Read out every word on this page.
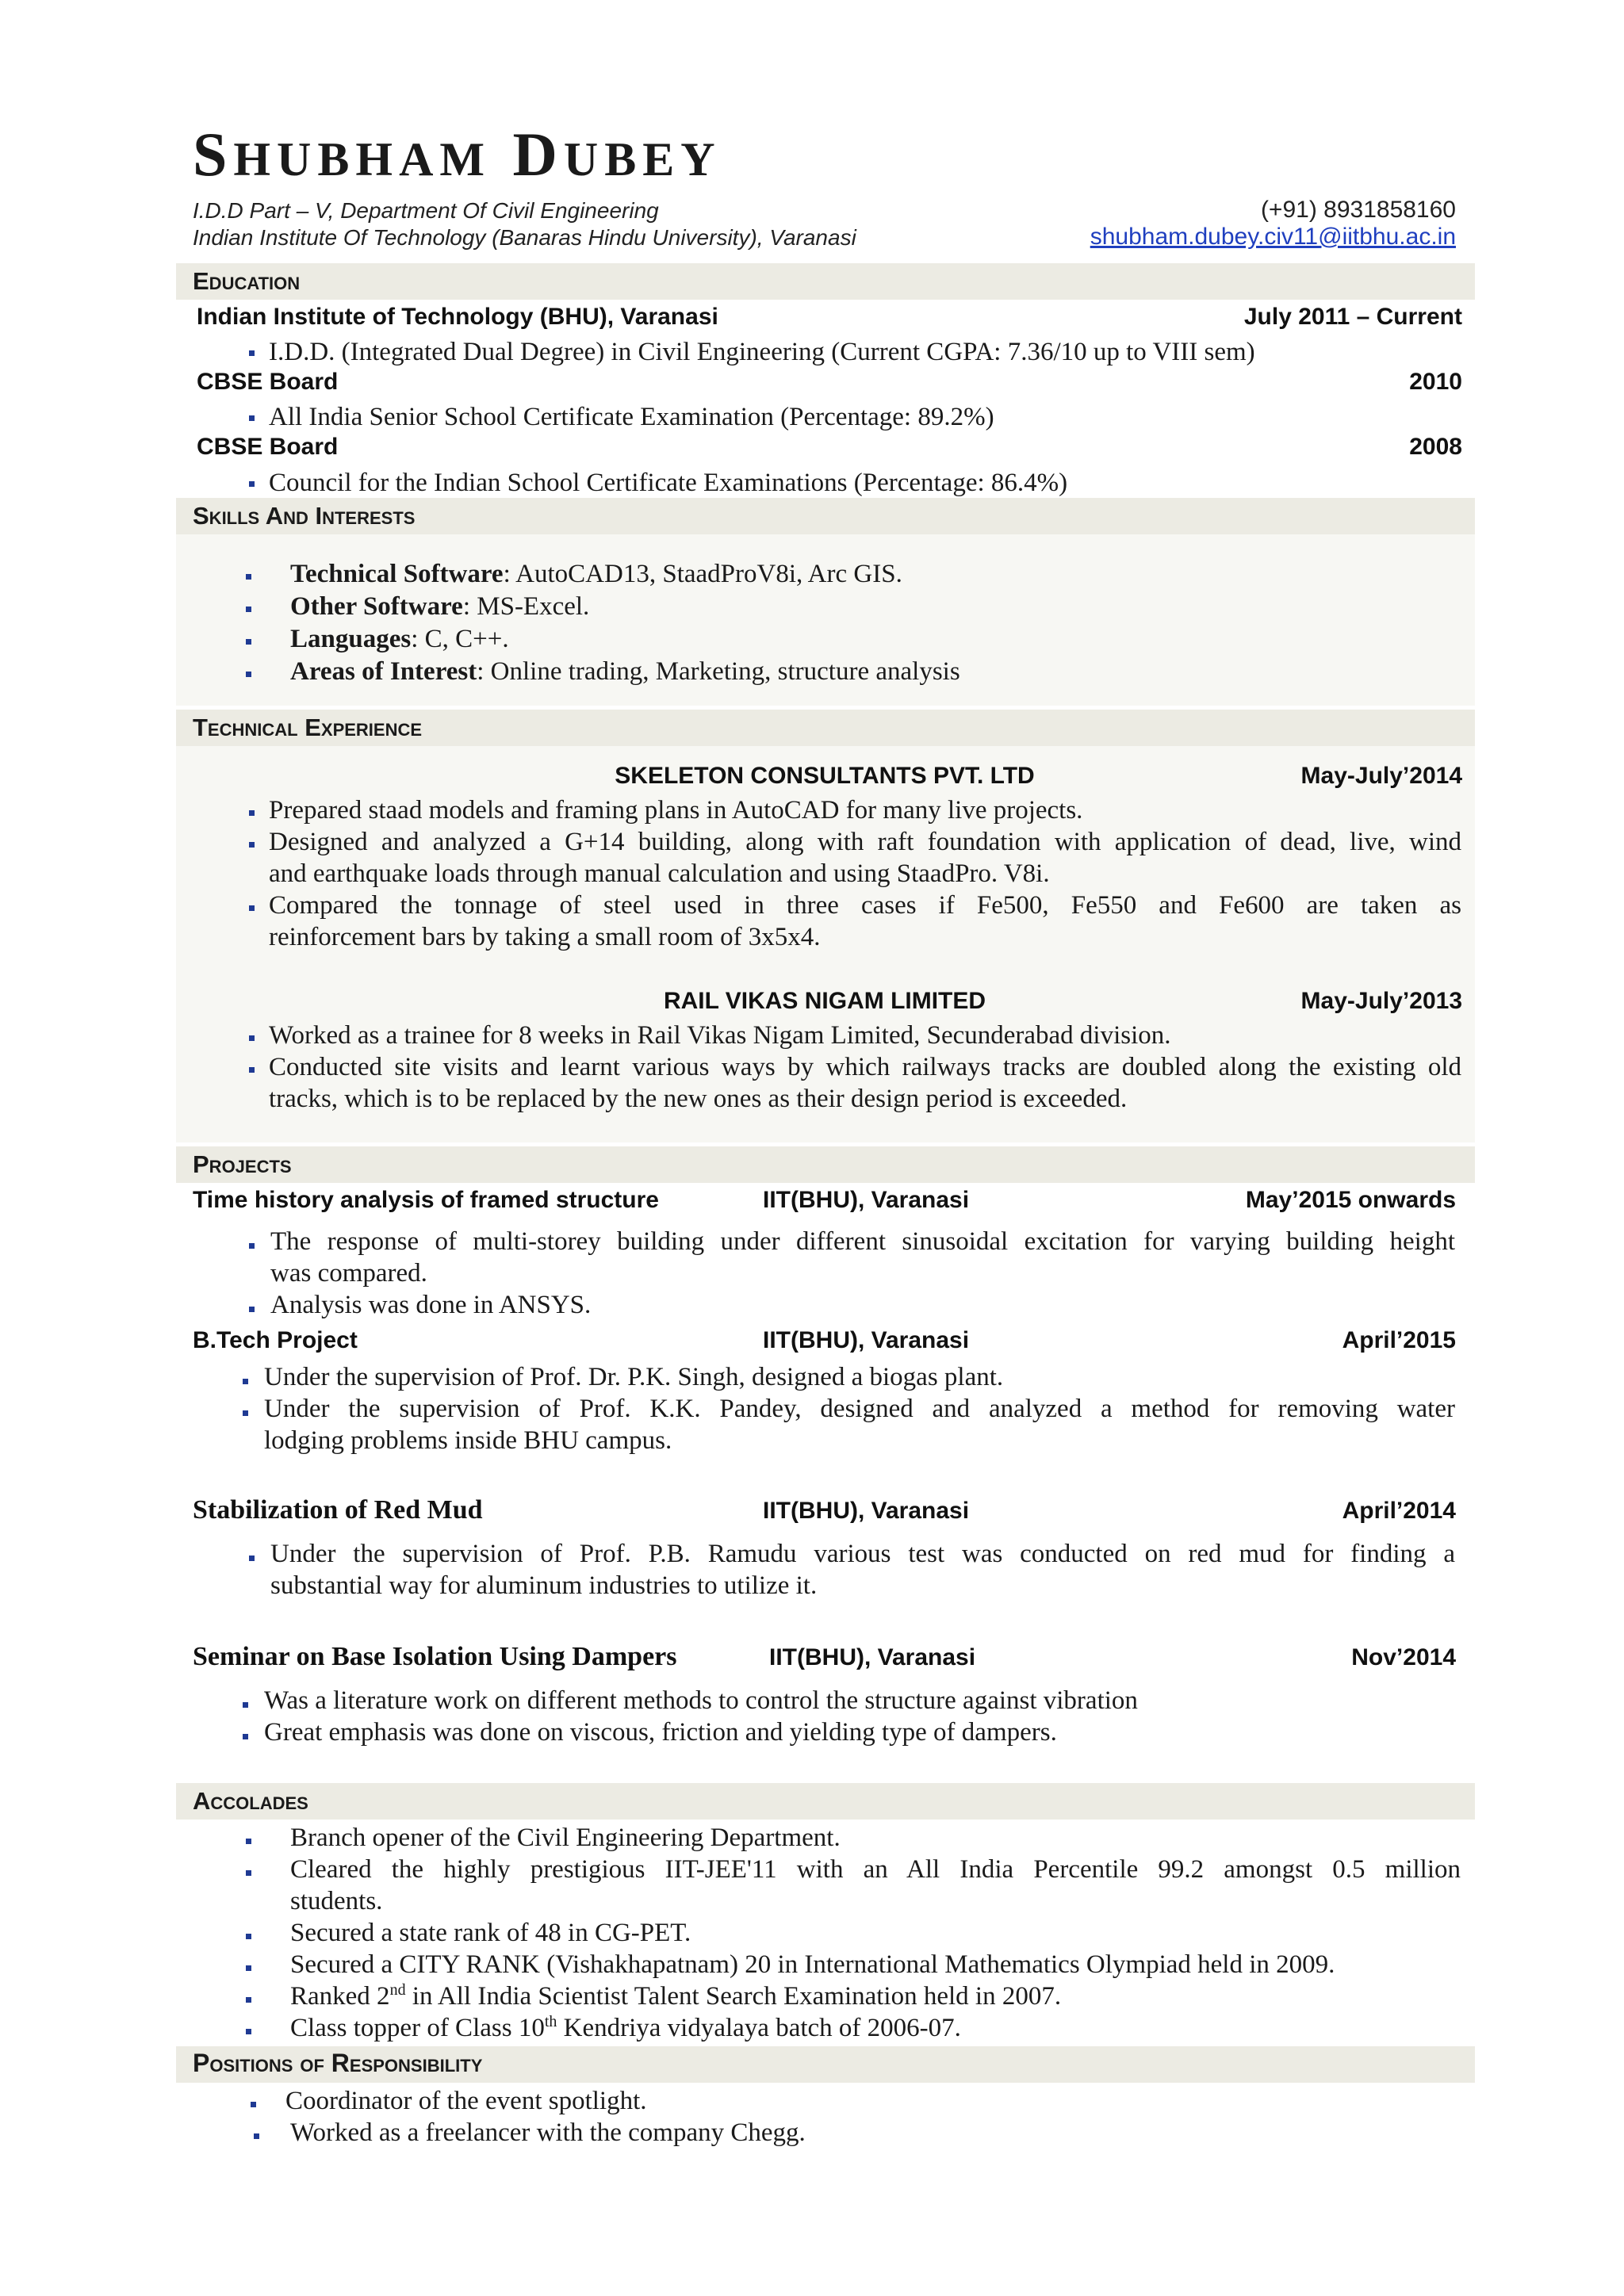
SHUBHAM DUBEY
I.D.D Part – V, Department Of Civil Engineering
Indian Institute Of Technology (Banaras Hindu University), Varanasi
(+91) 8931858160
shubham.dubey.civ11@iitbhu.ac.in
Education
Indian Institute of Technology (BHU), Varanasi	July 2011 – Current
I.D.D. (Integrated Dual Degree) in Civil Engineering (Current CGPA: 7.36/10 up to VIII sem)
CBSE Board	2010
All India Senior School Certificate Examination (Percentage: 89.2%)
CBSE Board	2008
Council for the Indian School Certificate Examinations (Percentage: 86.4%)
Skills And Interests
Technical Software: AutoCAD13, StaadProV8i, Arc GIS.
Other Software: MS-Excel.
Languages: C, C++.
Areas of Interest: Online trading, Marketing, structure analysis
Technical Experience
SKELETON CONSULTANTS PVT. LTD	May-July’2014
Prepared staad models and framing plans in AutoCAD for many live projects.
Designed and analyzed a G+14 building, along with raft foundation with application of dead, live, wind
and earthquake loads through manual calculation and using StaadPro. V8i.
Compared the tonnage of steel used in three cases if Fe500, Fe550 and Fe600 are taken as
reinforcement bars by taking a small room of 3x5x4.
RAIL VIKAS NIGAM LIMITED	May-July’2013
Worked as a trainee for 8 weeks in Rail Vikas Nigam Limited, Secunderabad division.
Conducted site visits and learnt various ways by which railways tracks are doubled along the existing old
tracks, which is to be replaced by the new ones as their design period is exceeded.
Projects
Time history analysis of framed structure	IIT(BHU), Varanasi	May’2015 onwards
The response of multi-storey building under different sinusoidal excitation for varying building height
was compared.
Analysis was done in ANSYS.
B.Tech Project	IIT(BHU), Varanasi	April’2015
Under the supervision of Prof. Dr. P.K. Singh, designed a biogas plant.
Under the supervision of Prof. K.K. Pandey, designed and analyzed a method for removing water
lodging problems inside BHU campus.
Stabilization of Red Mud	IIT(BHU), Varanasi	April’2014
Under the supervision of Prof. P.B. Ramudu various test was conducted on red mud for finding a
substantial way for aluminum industries to utilize it.
Seminar on Base Isolation Using Dampers	IIT(BHU), Varanasi	Nov’2014
Was a literature work on different methods to control the structure against vibration
Great emphasis was done on viscous, friction and yielding type of dampers.
Accolades
Branch opener of the Civil Engineering Department.
Cleared the highly prestigious IIT-JEE'11 with an All India Percentile 99.2 amongst 0.5 million
students.
Secured a state rank of 48 in CG-PET.
Secured a CITY RANK (Vishakhapatnam) 20 in International Mathematics Olympiad held in 2009.
Ranked 2nd in All India Scientist Talent Search Examination held in 2007.
Class topper of Class 10th Kendriya vidyalaya batch of 2006-07.
Positions of Responsibility
Coordinator of the event spotlight.
Worked as a freelancer with the company Chegg.
